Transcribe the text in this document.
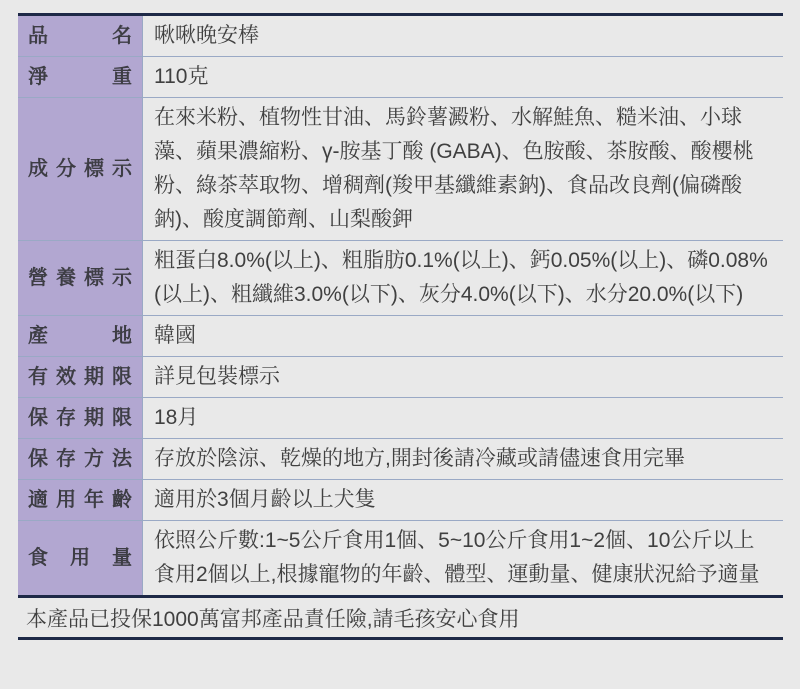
品名 啾啾晚安棒
淨重 110克
成分標示
在來米粉、植物性甘油、馬鈴薯澱粉、水解鮭魚、糙米油、小球藻、蘋果濃縮粉、γ-胺基丁酸 (GABA)、色胺酸、茶胺酸、酸櫻桃粉、綠茶萃取物、增稠劑(羧甲基纖維素鈉)、食品改良劑(偏磷酸鈉)、酸度調節劑、山梨酸鉀
營養標示
粗蛋白8.0%(以上)、粗脂肪0.1%(以上)、鈣0.05%(以上)、磷0.08%(以上)、粗纖維3.0%(以下)、灰分4.0%(以下)、水分20.0%(以下)
產地 韓國
有效期限 詳見包裝標示
保存期限 18月
保存方法 存放於陰涼、乾燥的地方,開封後請冷藏或請儘速食用完畢
適用年齡 適用於3個月齡以上犬隻
食用量
依照公斤數:1~5公斤食用1個、5~10公斤食用1~2個、10公斤以上食用2個以上,根據寵物的年齡、體型、運動量、健康狀況給予適量
本產品已投保1000萬富邦產品責任險,請毛孩安心食用
